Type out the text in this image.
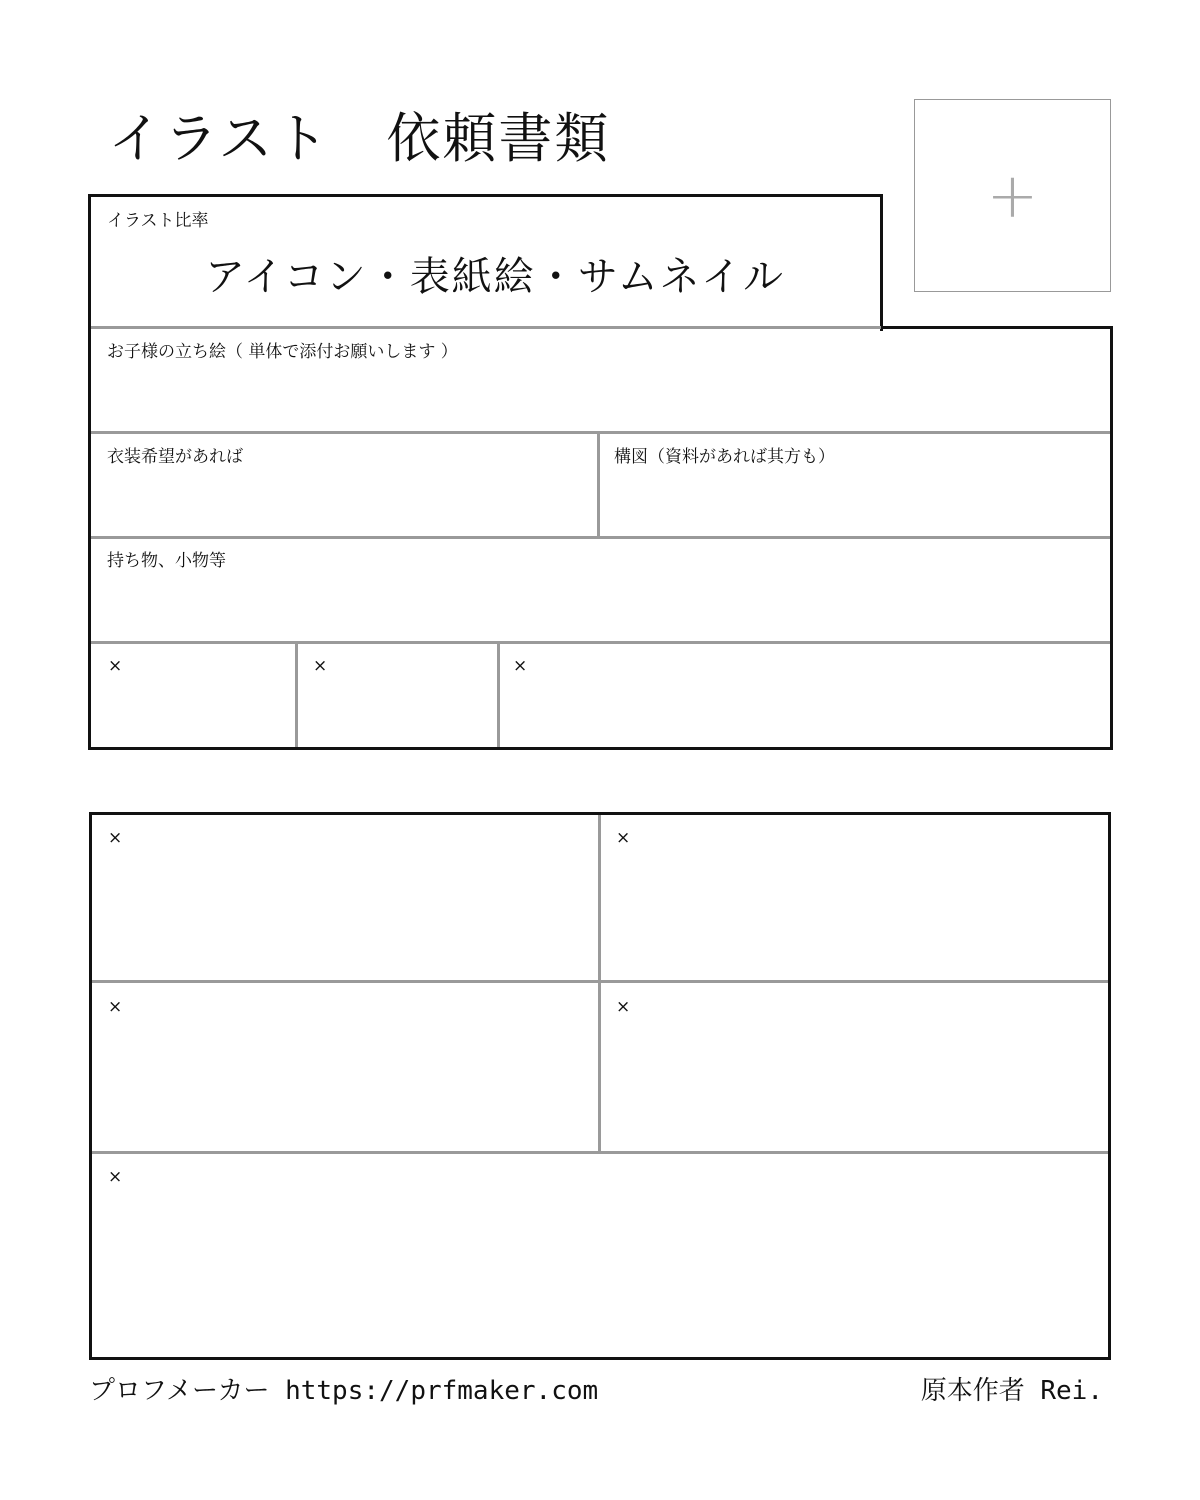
イラスト　依頼書類
+
イラスト比率
アイコン・表紙絵・サムネイル
お子様の立ち絵（ 単体で添付お願いします ）
衣装希望があれば	構図（資料があれば其方も）
持ち物、小物等
×	×	×
×	×
×	×
×
プロフメーカー https://prfmaker.com	原本作者 Rei.
